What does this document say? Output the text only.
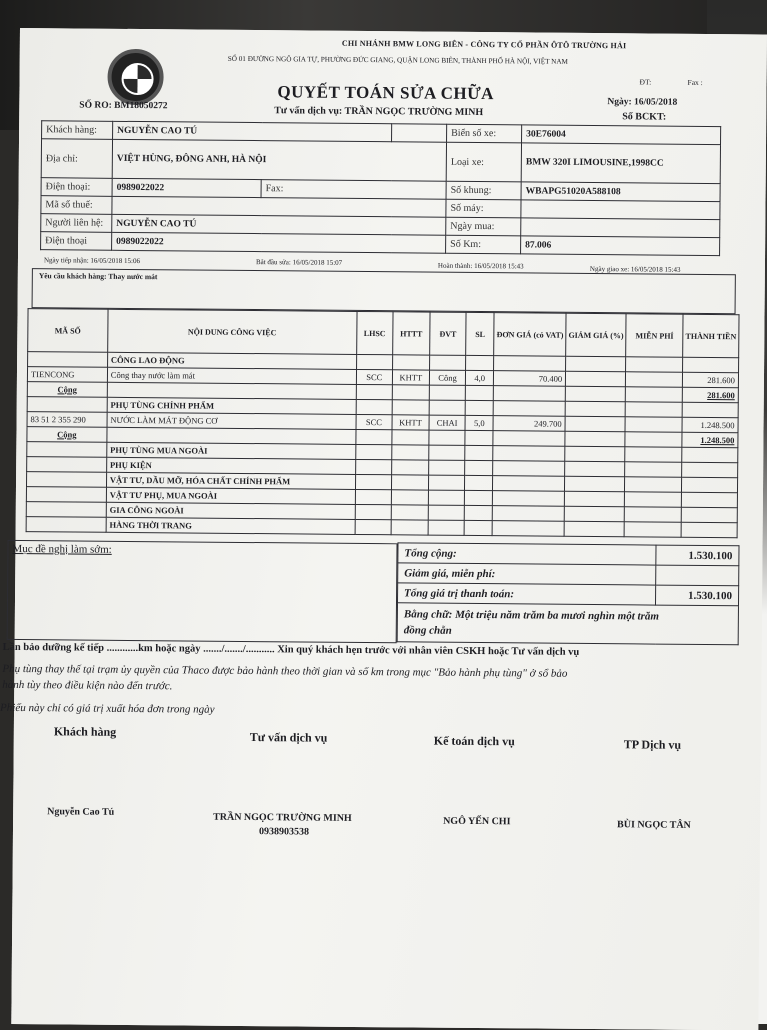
CHI NHÁNH BMW LONG BIÊN - CÔNG TY CỔ PHẦN ÔTÔ TRƯỜNG HẢI
SỐ 01 ĐƯỜNG NGÔ GIA TỰ, PHƯỜNG ĐỨC GIANG, QUẬN LONG BIÊN, THÀNH PHỐ HÀ NỘI, VIỆT NAM
ĐT:	Fax :
QUYẾT TOÁN SỬA CHỮA
SỐ RO: BM18050272	Tư vấn dịch vụ: TRẦN NGỌC TRƯỜNG MINH
Ngày: 16/05/2018
Số BCKT:
Khách hàng:	NGUYỄN CAO TÚ			Biển số xe:	30E76004
Địa chỉ:	VIỆT HÙNG, ĐÔNG ANH, HÀ NỘI			Loại xe:	BMW 320I LIMOUSINE,1998CC
Điện thoại:	0989022022	Fax:		Số khung:	WBAPG51020A588108
Mã số thuế:				Số máy:	
Người liên hệ:	NGUYỄN CAO TÚ			Ngày mua:	
Điện thoại	0989022022			Số Km:	87.006
Ngày tiếp nhận: 16/05/2018 15:06	Bắt đầu sửa: 16/05/2018 15:07	Hoàn thành: 16/05/2018 15:43	Ngày giao xe: 16/05/2018 15:43
Yêu cầu khách hàng: Thay nước mát
MÃ SỐ	NỘI DUNG CÔNG VIỆC	LHSC	HTTT	ĐVT	SL	ĐƠN GIÁ (có VAT)	GIẢM GIÁ (%)	MIỄN PHÍ	THÀNH TIỀN
	CÔNG LAO ĐỘNG								
TIENCONG	Công thay nước làm mát	SCC	KHTT	Công	4,0	70.400			281.600
Cộng									281.600
	PHỤ TÙNG CHÍNH PHẨM								
83 51 2 355 290	NƯỚC LÀM MÁT ĐỘNG CƠ	SCC	KHTT	CHAI	5,0	249.700			1.248.500
Cộng									1.248.500
	PHỤ TÙNG MUA NGOÀI								
	PHỤ KIỆN								
	VẬT TƯ, DẦU MỠ, HÓA CHẤT CHÍNH PHẨM								
	VẬT TƯ PHỤ, MUA NGOÀI								
	GIA CÔNG NGOÀI								
	HÀNG THỜI TRANG								
Mục đề nghị làm sớm:	Tổng cộng:	1.530.100
Giảm giá, miễn phí:	
Tổng giá trị thanh toán:	1.530.100
Bằng chữ: Một triệu năm trăm ba mươi nghìn một trăm
đồng chẵn	
Lần bảo dưỡng kế tiếp ............km hoặc ngày ......./......./........... Xin quý khách hẹn trước với nhân viên CSKH hoặc Tư vấn dịch vụ
Phụ tùng thay thế tại trạm ủy quyền của Thaco được bảo hành theo thời gian và số km trong mục "Bảo hành phụ tùng" ở sổ bảo
hành tùy theo điều kiện nào đến trước.
Phiếu này chỉ có giá trị xuất hóa đơn trong ngày
Khách hàng	Tư vấn dịch vụ	Kế toán dịch vụ	TP Dịch vụ
Nguyễn Cao Tú	TRẦN NGỌC TRƯỜNG MINH
0938903538
NGÔ YẾN CHI	BÙI NGỌC TÂN
